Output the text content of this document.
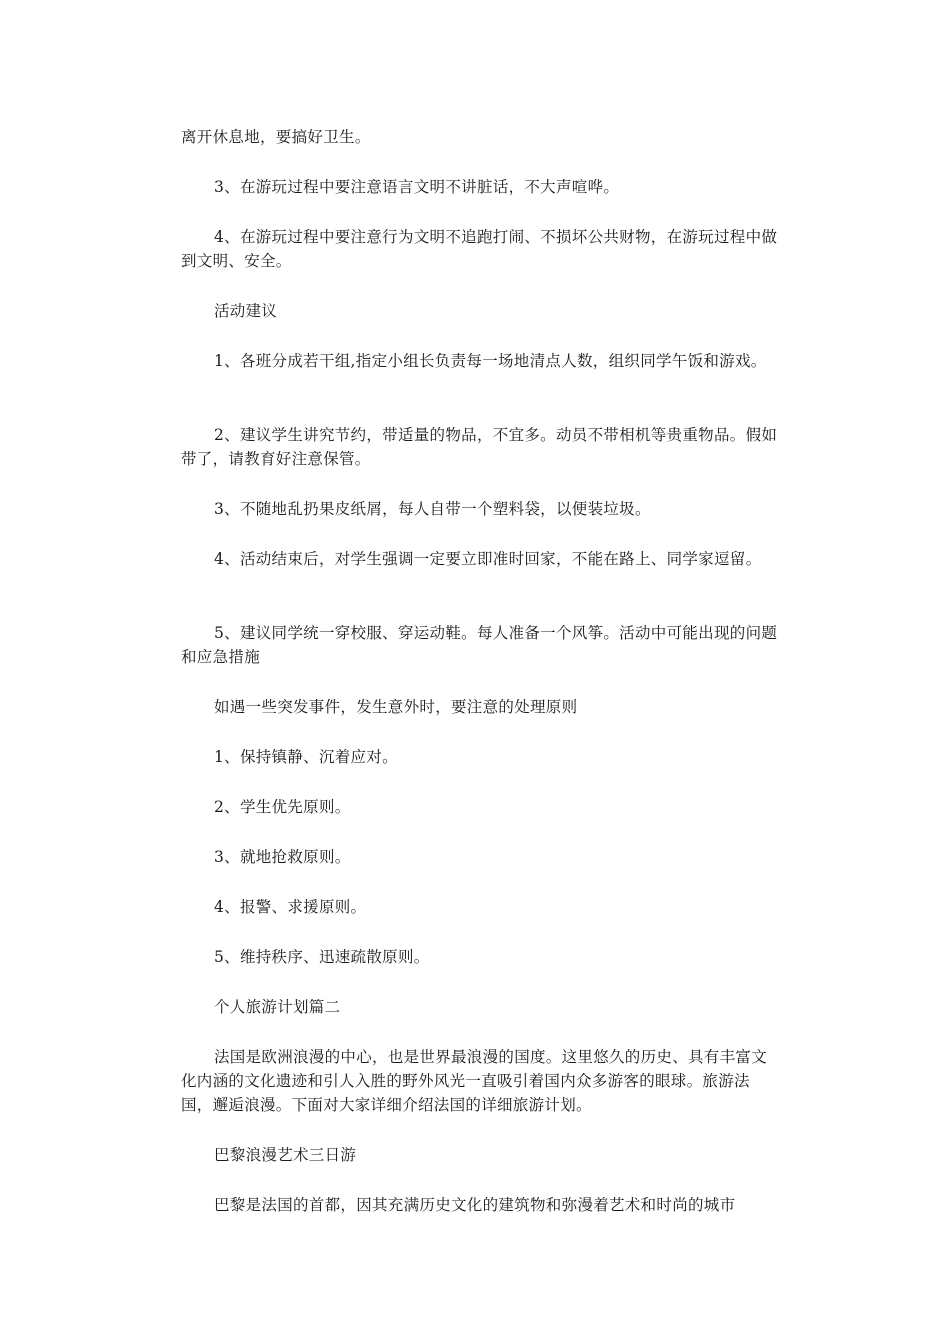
离开休息地，要搞好卫生。

3、在游玩过程中要注意语言文明不讲脏话，不大声喧哗。

4、在游玩过程中要注意行为文明不追跑打闹、不损坏公共财物，在游玩过程中做到文明、安全。

活动建议

1、各班分成若干组,指定小组长负责每一场地清点人数，组织同学午饭和游戏。

2、建议学生讲究节约，带适量的物品，不宜多。动员不带相机等贵重物品。假如带了，请教育好注意保管。

3、不随地乱扔果皮纸屑，每人自带一个塑料袋，以便装垃圾。

4、活动结束后，对学生强调一定要立即准时回家，不能在路上、同学家逗留。

5、建议同学统一穿校服、穿运动鞋。每人准备一个风筝。活动中可能出现的问题和应急措施

如遇一些突发事件，发生意外时，要注意的处理原则

1、保持镇静、沉着应对。

2、学生优先原则。

3、就地抢救原则。

4、报警、求援原则。

5、维持秩序、迅速疏散原则。

个人旅游计划篇二

法国是欧洲浪漫的中心，也是世界最浪漫的国度。这里悠久的历史、具有丰富文化内涵的文化遗迹和引人入胜的野外风光一直吸引着国内众多游客的眼球。旅游法国，邂逅浪漫。下面对大家详细介绍法国的详细旅游计划。

巴黎浪漫艺术三日游

巴黎是法国的首都，因其充满历史文化的建筑物和弥漫着艺术和时尚的城市
